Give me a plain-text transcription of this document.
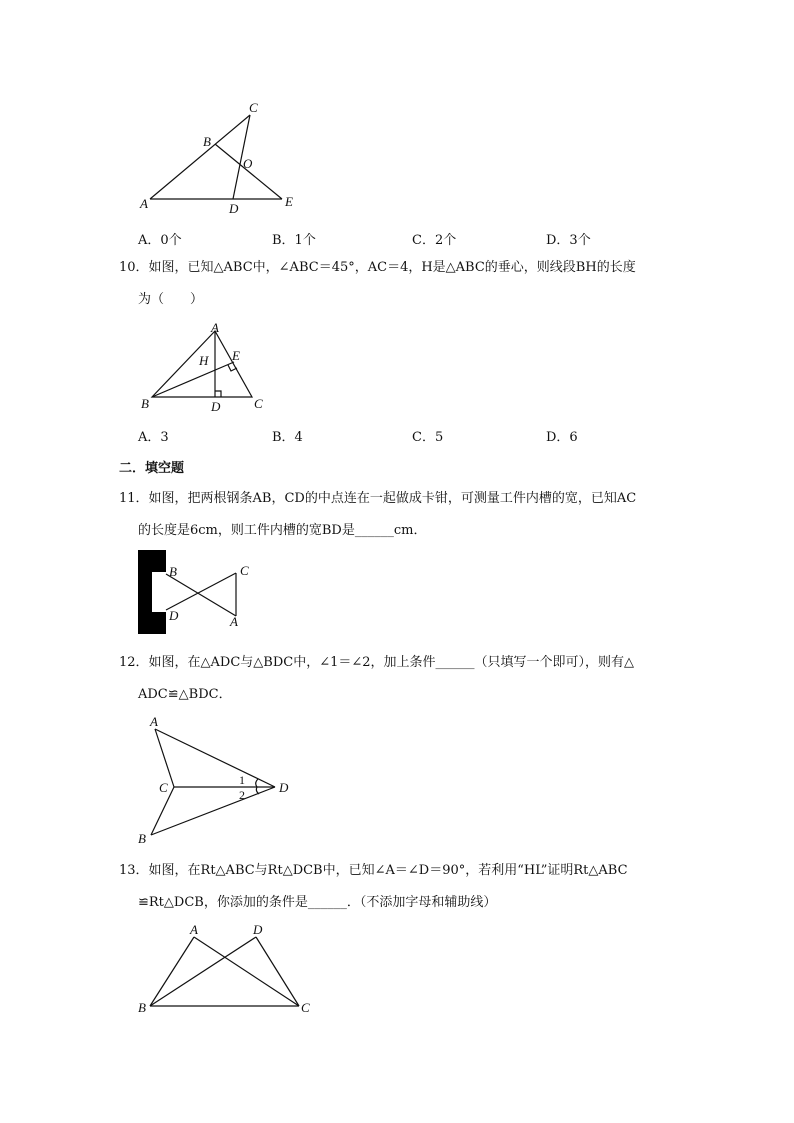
C
B
O
A	D	E
A．0个	B．1个	C．2个	D．3个
10．如图，已知△ABC中，∠ABC＝45°，AC＝4，H是△ABC的垂心，则线段BH的长度
为（　　）
A
H E
B	D	C
A．3	B．4	C．5	D．6
二．填空题
11．如图，把两根钢条AB，CD的中点连在一起做成卡钳，可测量工件内槽的宽，已知AC
的长度是6cm，则工件内槽的宽BD是______cm．
B	C
D	A
12．如图，在△ADC与△BDC中，∠1＝∠2，加上条件______（只填写一个即可），则有△
ADC≌△BDC．
A
C	D
B
1
2
13．如图，在Rt△ABC与Rt△DCB中，已知∠A＝∠D＝90°，若利用“HL”证明Rt△ABC
≌Rt△DCB，你添加的条件是______．（不添加字母和辅助线）
A	D
B	C
